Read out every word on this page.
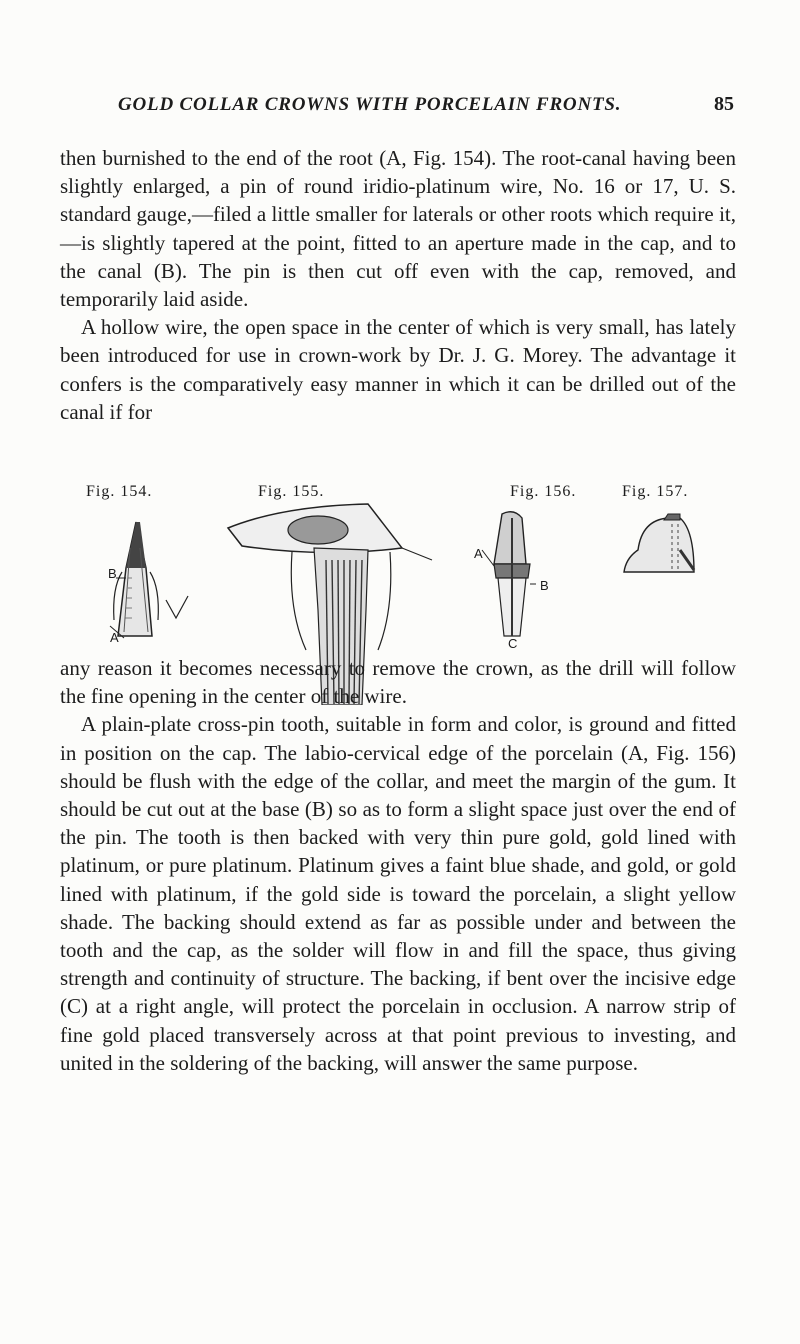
GOLD COLLAR CROWNS WITH PORCELAIN FRONTS.	85

then burnished to the end of the root (A, Fig. 154). The root-canal having been slightly enlarged, a pin of round iridio-platinum wire, No. 16 or 17, U. S. standard gauge,—filed a little smaller for laterals or other roots which require it,—is slightly tapered at the point, fitted to an aperture made in the cap, and to the canal (B). The pin is then cut off even with the cap, removed, and temporarily laid aside.

A hollow wire, the open space in the center of which is very small, has lately been introduced for use in crown-work by Dr. J. G. Morey. The advantage it confers is the comparatively easy manner in which it can be drilled out of the canal if for

Fig. 154.	Fig. 155.	Fig. 156.	Fig. 157.
B
A
A
B
C

any reason it becomes necessary to remove the crown, as the drill will follow the fine opening in the center of the wire.

A plain-plate cross-pin tooth, suitable in form and color, is ground and fitted in position on the cap. The labio-cervical edge of the porcelain (A, Fig. 156) should be flush with the edge of the collar, and meet the margin of the gum. It should be cut out at the base (B) so as to form a slight space just over the end of the pin. The tooth is then backed with very thin pure gold, gold lined with platinum, or pure platinum. Platinum gives a faint blue shade, and gold, or gold lined with platinum, if the gold side is toward the porcelain, a slight yellow shade. The backing should extend as far as possible under and between the tooth and the cap, as the solder will flow in and fill the space, thus giving strength and continuity of structure. The backing, if bent over the incisive edge (C) at a right angle, will protect the porcelain in occlusion. A narrow strip of fine gold placed transversely across at that point previous to investing, and united in the soldering of the backing, will answer the same purpose.
